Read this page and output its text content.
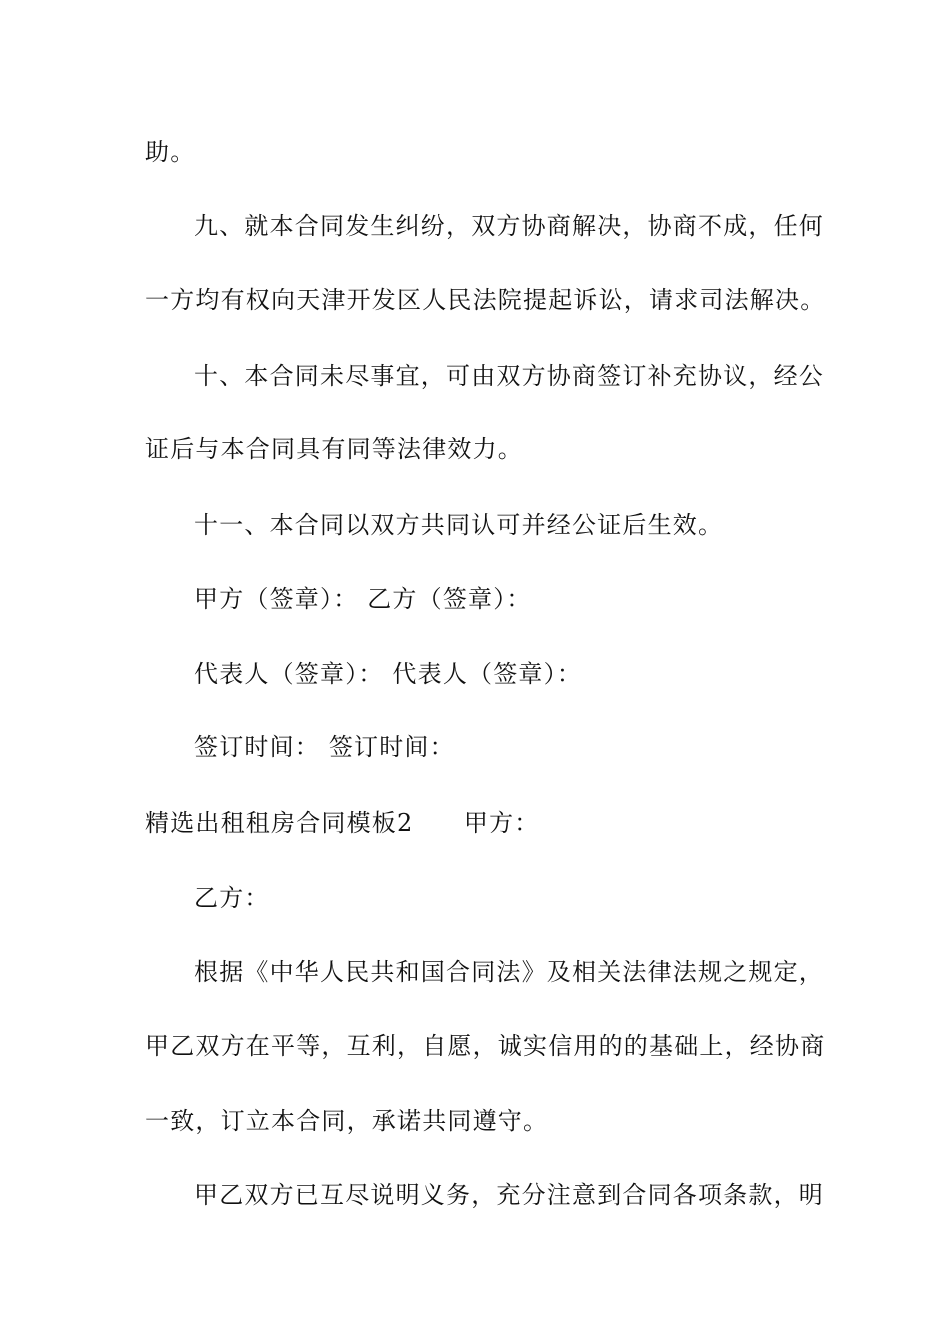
助。
九、就本合同发生纠纷，双方协商解决，协商不成，任何
一方均有权向天津开发区人民法院提起诉讼，请求司法解决。
十、本合同未尽事宜，可由双方协商签订补充协议，经公
证后与本合同具有同等法律效力。
十一、本合同以双方共同认可并经公证后生效。
甲方（签章）： 乙方（签章）：
代表人（签章）： 代表人（签章）：
签订时间： 签订时间：
精选出租租房合同模板2　　甲方：
乙方：
根据《中华人民共和国合同法》及相关法律法规之规定，
甲乙双方在平等，互利，自愿，诚实信用的的基础上，经协商
一致，订立本合同，承诺共同遵守。
甲乙双方已互尽说明义务，充分注意到合同各项条款，明
